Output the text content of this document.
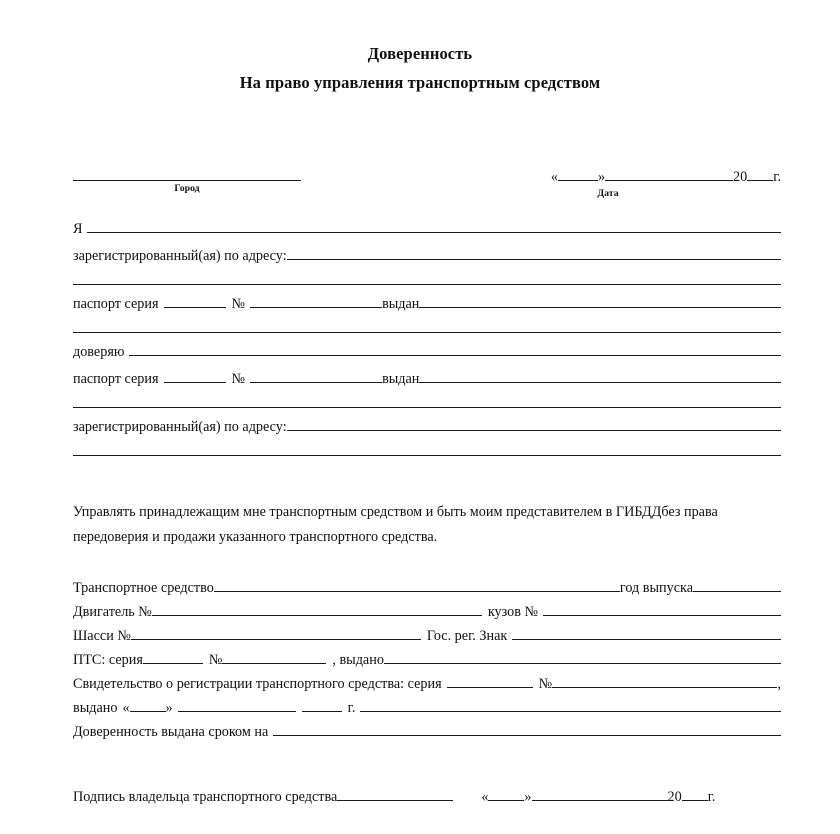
Доверенность
На право управления транспортным средством
Город
«	»	20 г.
Дата
Я
зарегистрированный(ая) по адресу:
паспорт серия	№	выдан
доверяю
паспорт серия	№	выдан
зарегистрированный(ая) по адресу:
Управлять принадлежащим мне транспортным средством и быть моим представителем в ГИБДДбез права передоверия и продажи указанного транспортного средства.
Транспортное средство	год выпуска
Двигатель №	кузов №
Шасси №	Гос. рег. Знак
ПТС: серия	№	, выдано
Свидетельство о регистрации транспортного средства: серия	№	,
выдано «	»	г.
Доверенность выдана сроком на
Подпись владельца транспортного средства	«	»	20 г.
